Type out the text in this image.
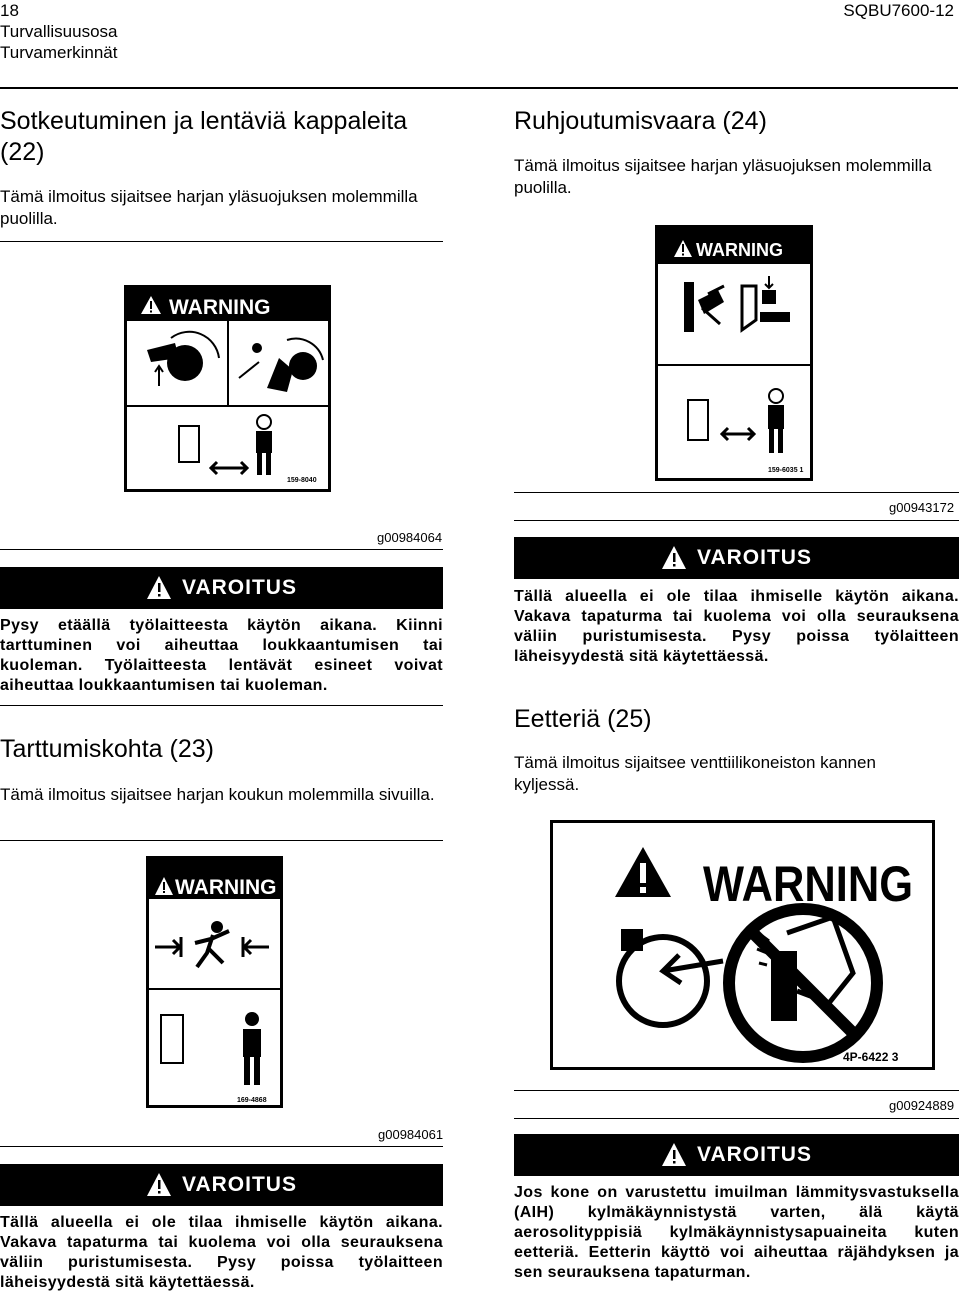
18
Turvallisuusosa
Turvamerkinnät
SQBU7600-12
Sotkeutuminen ja lentäviä kappaleita (22)
Tämä ilmoitus sijaitsee harjan yläsuojuksen molemmilla puolilla.
WARNING
159-8040
g00984064
VAROITUS
Pysy etäällä työlaitteesta käytön aikana. Kiinni tarttuminen voi aiheuttaa loukkaantumisen tai kuoleman. Työlaitteesta lentävät esineet voivat aiheuttaa loukkaantumisen tai kuoleman.
Tarttumiskohta (23)
Tämä ilmoitus sijaitsee harjan koukun molemmilla sivuilla.
WARNING
169-4868
g00984061
VAROITUS
Tällä alueella ei ole tilaa ihmiselle käytön aikana. Vakava tapaturma tai kuolema voi olla seurauksena väliin puristumisesta. Pysy poissa työlaitteen läheisyydestä sitä käytettäessä.
Ruhjoutumisvaara (24)
Tämä ilmoitus sijaitsee harjan yläsuojuksen molemmilla puolilla.
WARNING
159-6035 1
g00943172
VAROITUS
Tällä alueella ei ole tilaa ihmiselle käytön aikana. Vakava tapaturma tai kuolema voi olla seurauksena väliin puristumisesta. Pysy poissa työlaitteen läheisyydestä sitä käytettäessä.
Eetteriä (25)
Tämä ilmoitus sijaitsee venttiilikoneiston kannen kyljessä.
WARNING
4P-6422 3
g00924889
VAROITUS
Jos kone on varustettu imuilman lämmitysvastuksella (AIH) kylmäkäynnistystä varten, älä käytä aerosolityppisiä kylmäkäynnistysapuaineita kuten eetteriä. Eetterin käyttö voi aiheuttaa räjähdyksen ja sen seurauksena tapaturman.
